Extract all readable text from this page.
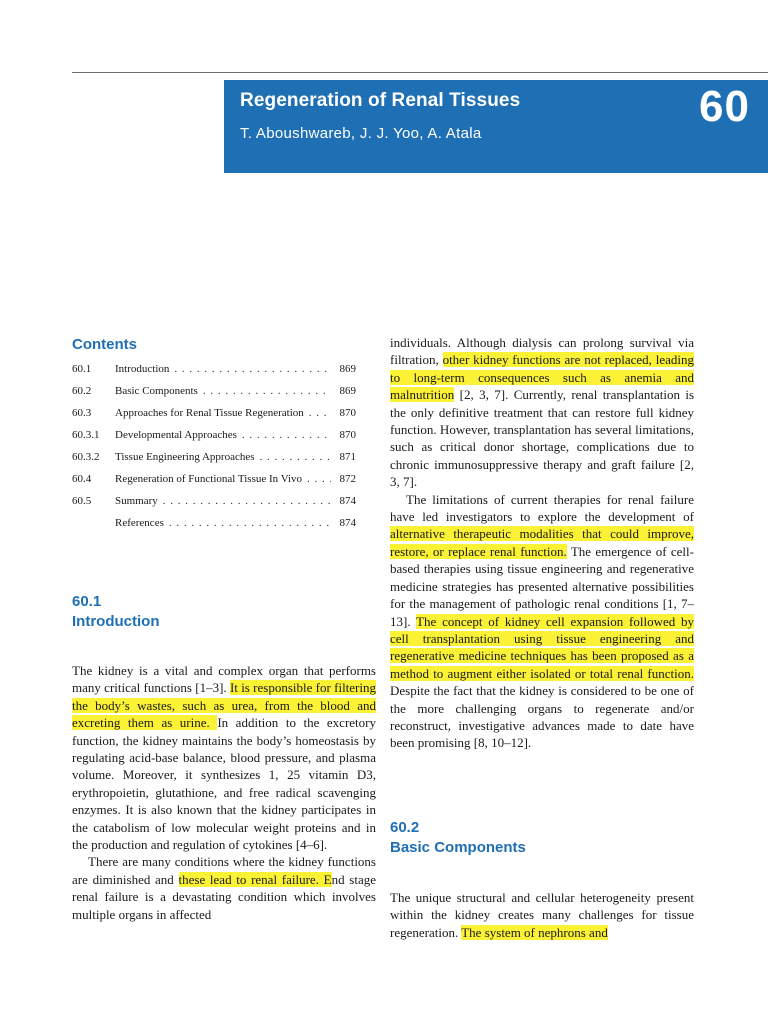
Regeneration of Renal Tissues
T. Aboushwareb, J. J. Yoo, A. Atala
60
Contents
60.1	Introduction . . .	869
60.2	Basic Components . . .	869
60.3	Approaches for Renal Tissue Regeneration . . .	870
60.3.1	Developmental Approaches . . .	870
60.3.2	Tissue Engineering Approaches . . .	871
60.4	Regeneration of Functional Tissue In Vivo . . .	872
60.5	Summary . . .	874
References . . .	874
60.1
Introduction

The kidney is a vital and complex organ that performs many critical functions [1–3]. It is responsible for filtering the body’s wastes, such as urea, from the blood and excreting them as urine. In addition to the excretory function, the kidney maintains the body’s homeostasis by regulating acid-base balance, blood pressure, and plasma volume. Moreover, it synthesizes 1, 25 vitamin D3, erythropoietin, glutathione, and free radical scavenging enzymes. It is also known that the kidney participates in the catabolism of low molecular weight proteins and in the production and regulation of cytokines [4–6].

There are many conditions where the kidney functions are diminished and these lead to renal failure. End stage renal failure is a devastating condition which involves multiple organs in affected

individuals. Although dialysis can prolong survival via filtration, other kidney functions are not replaced, leading to long-term consequences such as anemia and malnutrition [2, 3, 7]. Currently, renal transplantation is the only definitive treatment that can restore full kidney function. However, transplantation has several limitations, such as critical donor shortage, complications due to chronic immunosuppressive therapy and graft failure [2, 3, 7].

The limitations of current therapies for renal failure have led investigators to explore the development of alternative therapeutic modalities that could improve, restore, or replace renal function. The emergence of cell-based therapies using tissue engineering and regenerative medicine strategies has presented alternative possibilities for the management of pathologic renal conditions [1, 7–13]. The concept of kidney cell expansion followed by cell transplantation using tissue engineering and regenerative medicine techniques has been proposed as a method to augment either isolated or total renal function. Despite the fact that the kidney is considered to be one of the more challenging organs to regenerate and/or reconstruct, investigative advances made to date have been promising [8, 10–12].

60.2
Basic Components

The unique structural and cellular heterogeneity present within the kidney creates many challenges for tissue regeneration. The system of nephrons and
